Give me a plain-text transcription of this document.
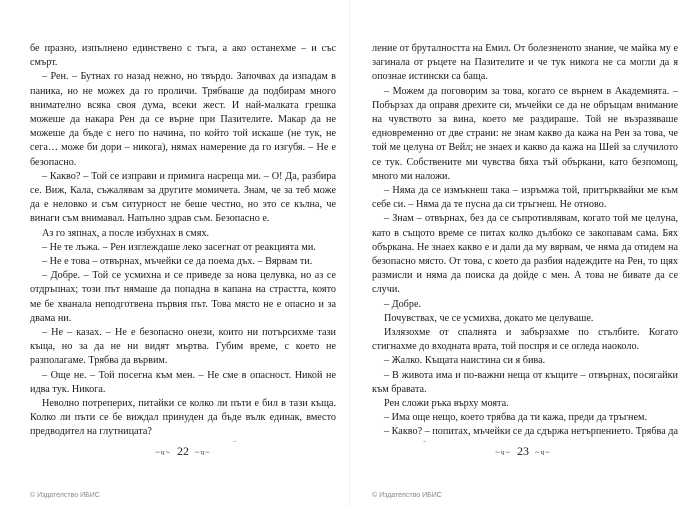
бе празно, изпълнено единствено с тъга, а ако останехме – и със смърт.

– Рен. – Бутнах го назад нежно, но твърдо. Започвах да изпадам в паника, но не можех да го проличи. Трябваше да подбирам много внимателно всяка своя дума, всеки жест. И най-малката грешка можеше да накара Рен да се върне при Пазителите. Макар да не можеше да бъде с него по начина, по който той искаше (не тук, не сега… може би дори – никога), нямах намерение да го изгубя. – Не е безопасно.

– Какво? – Той се изправи и примига насреща ми. – О! Да, разбира се. Виж, Кала, съжалявам за другите момичета. Знам, че за теб може да е неловко и съм ситурност не беше честно, но это се кълна, че винаги съм внимавал. Напълно здрав съм. Безопасно е.

Аз го зяпнах, а после избухнах в смях.

– Не те лъжа. – Рен изглеждаше леко засегнат от реакцията ми.

– Не е това – отвърнах, мъчейки се да поема дъх. – Вярвам ти.

– Добре. – Той се усмихна и се приведе за нова целувка, но аз се отдръпнах; този път нямаше да попадна в капана на страстта, която ме бе хванала неподготвена първия път. Това място не е опасно и за двама ни.

– Не – казах. – Не е безопасно онези, които ни потърсихме тази къща, но за да не ни видят мъртва. Губим време, с което не разполагаме. Трябва да вървим.

– Още не. – Той посегна към мен. – Не сме в опасност. Никой не идва тук. Никога.

Неволно потреперих, питайки се колко ли пъти е бил в тази къща. Колко ли пъти се бе виждал принуден да бъде вълк единак, вместо предводител на глутницата?

ление от бруталността на Емил. От болезненото знание, че майка му е загинала от ръцете на Пазителите и че тук никога не са могли да я опознае истински са баща.

– Можем да поговорим за това, когато се върнем в Академията. – Побързах да оправя дрехите си, мъчейки се да не обръщам внимание на чувството за вина, което ме раздираше. Той не възразяваше едновременно от две страни: не знам какво да кажа на Рен за това, че той ме целуна от Вейл; не знаех и какво да кажа на Шей за случилото се тук. Собствените ми чувства бяха тъй объркани, като безпомощ, много ми наложи.

– Няма да се измъкнеш така – изръмжа той, притърквайки ме към себе си. – Няма да те пусна да си тръгнеш. Не отново.

– Знам – отвърнах, без да се съпротивлявам, когато той ме целуна, като в същото време се питах колко дълбоко се закопавам сама. Бях объркана. Не знаех какво е и дали да му вярвам, че няма да отидем на безопасно място. От това, с което да разбия надеждите на Рен, то щях размисли и няма да поиска да дойде с мен. А това не бивате да се случи.

– Добре.

Почувствах, че се усмихва, докато ме целуваше.

Излязохме от спалнята и забързахме по стълбите. Когато стигнахме до входната врата, той поспря и се огледа наоколо.

– Жалко. Къщата наистина си я бива.

– В живота има и по-важни неща от къщите – отвърнах, посягайки към бравата.

Рен сложи ръка върху моята.

– Има още нещо, което трябва да ти кажа, преди да тръгнем.

– Какво? – попитах, мъчейки се да сдържа нетърпението. Трябва да

~ч~ 22 ~ч~	~ч~ 23 ~ч~
© Издателство ИБИС	© Издателство ИБИС
